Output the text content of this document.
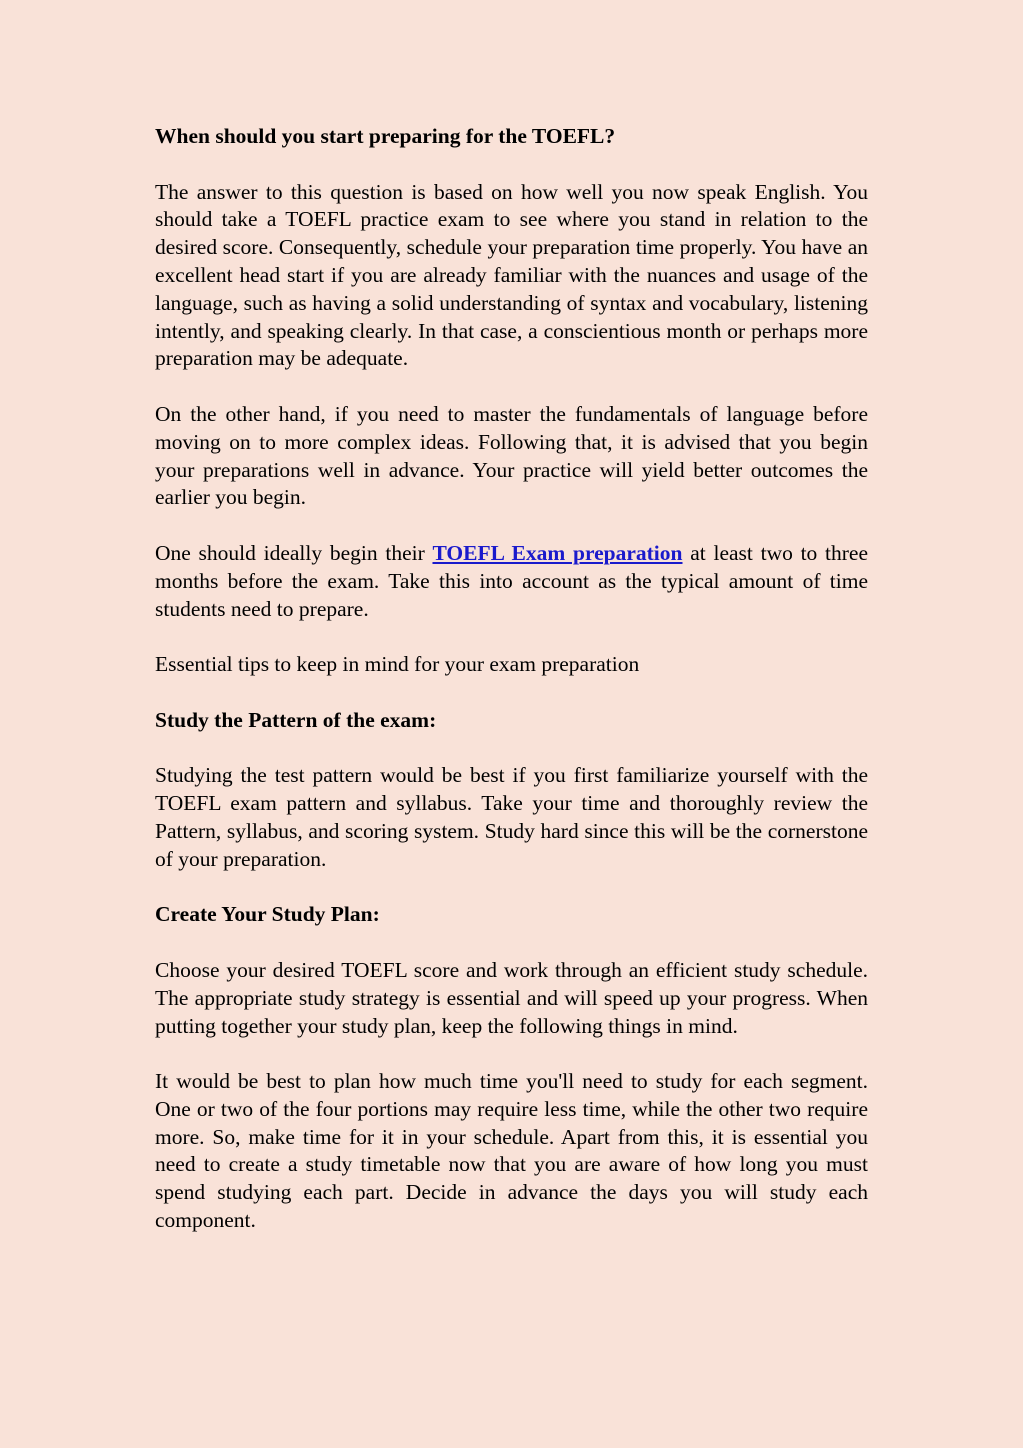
When should you start preparing for the TOEFL?

The answer to this question is based on how well you now speak English. You should take a TOEFL practice exam to see where you stand in relation to the desired score. Consequently, schedule your preparation time properly. You have an excellent head start if you are already familiar with the nuances and usage of the language, such as having a solid understanding of syntax and vocabulary, listening intently, and speaking clearly. In that case, a conscientious month or perhaps more preparation may be adequate.

On the other hand, if you need to master the fundamentals of language before moving on to more complex ideas. Following that, it is advised that you begin your preparations well in advance. Your practice will yield better outcomes the earlier you begin.

One should ideally begin their TOEFL Exam preparation at least two to three months before the exam. Take this into account as the typical amount of time students need to prepare.

Essential tips to keep in mind for your exam preparation

Study the Pattern of the exam:

Studying the test pattern would be best if you first familiarize yourself with the TOEFL exam pattern and syllabus. Take your time and thoroughly review the Pattern, syllabus, and scoring system. Study hard since this will be the cornerstone of your preparation.

Create Your Study Plan:

Choose your desired TOEFL score and work through an efficient study schedule. The appropriate study strategy is essential and will speed up your progress. When putting together your study plan, keep the following things in mind.

It would be best to plan how much time you'll need to study for each segment. One or two of the four portions may require less time, while the other two require more. So, make time for it in your schedule. Apart from this, it is essential you need to create a study timetable now that you are aware of how long you must spend studying each part. Decide in advance the days you will study each component.
